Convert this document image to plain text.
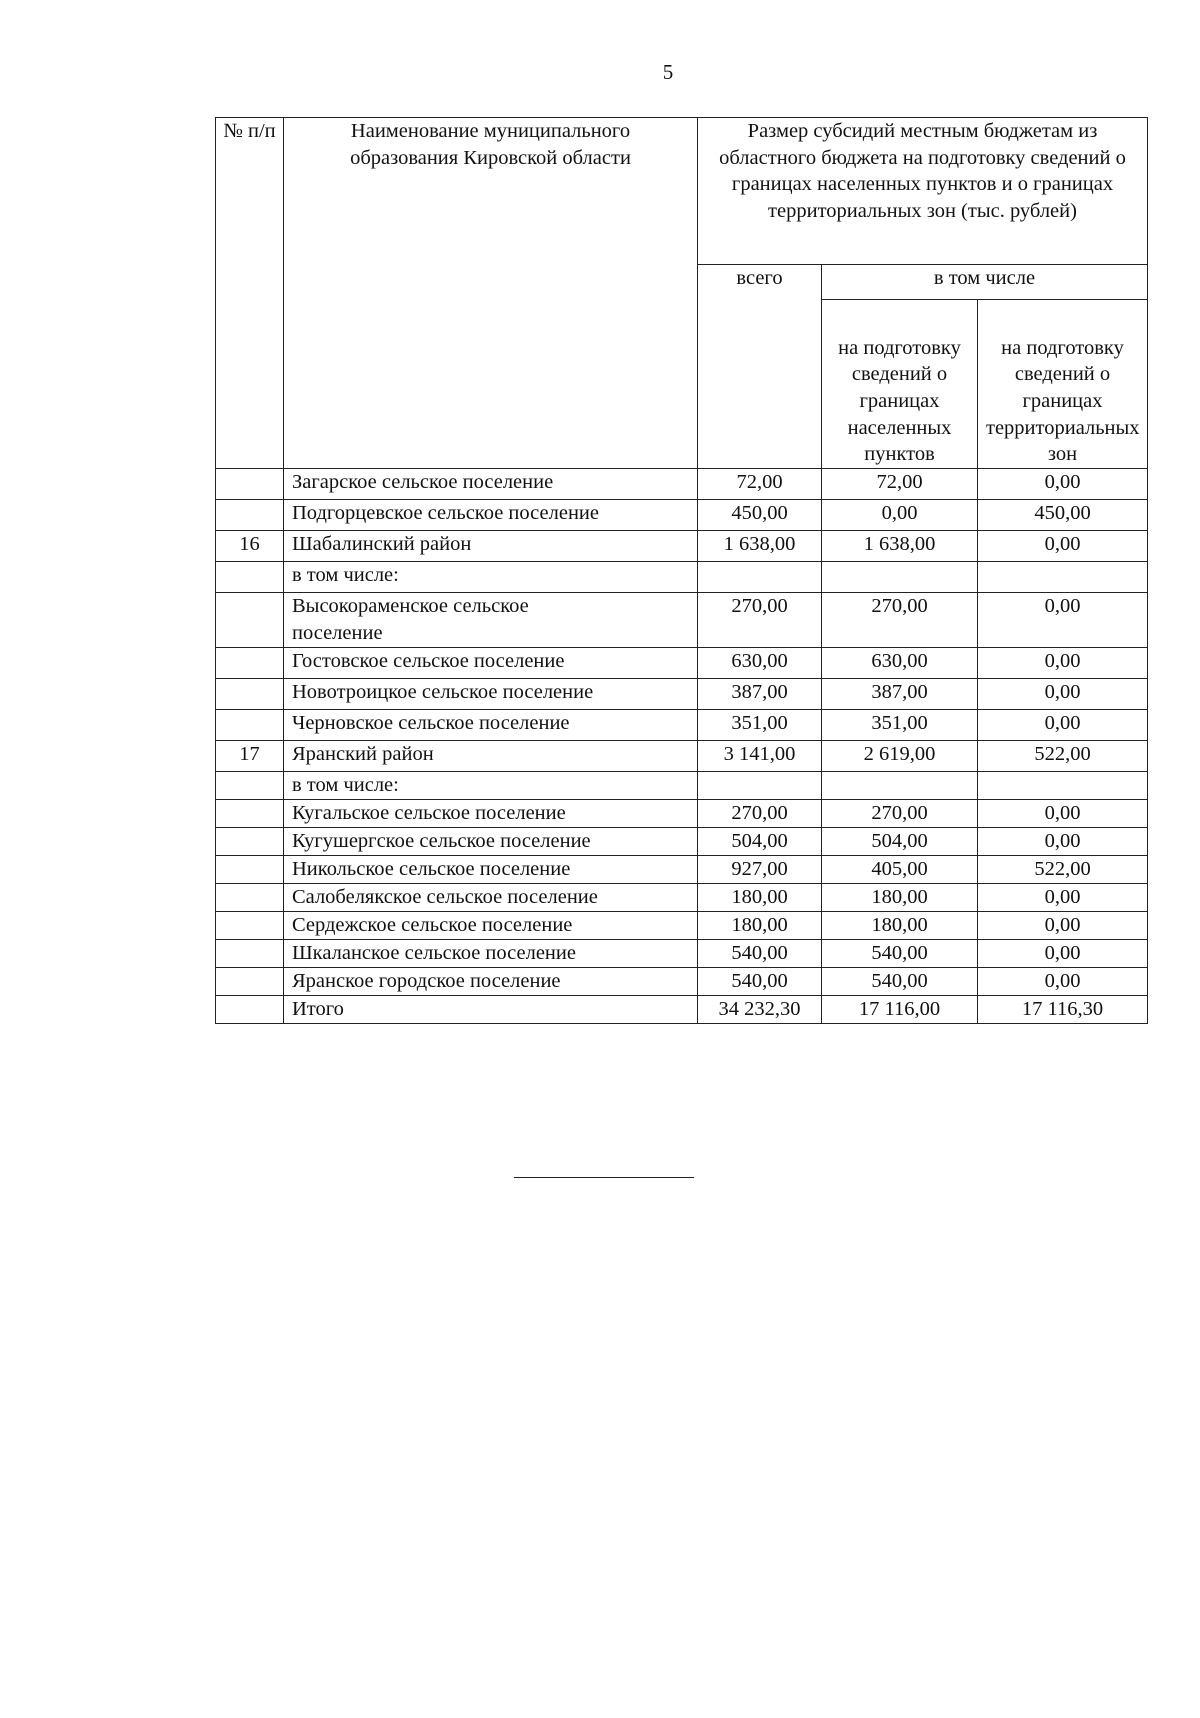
5
№ п/п	Наименование муниципального образования Кировской области	Размер субсидий местным бюджетам из областного бюджета на подготовку сведений о границах населенных пунктов и о границах территориальных зон (тыс. рублей)		
		всего	в том числе	
			на подготовку сведений о границах населенных пунктов	на подготовку сведений о границах территориальных зон
	Загарское сельское поселение	72,00	72,00	0,00
	Подгорцевское сельское поселение	450,00	0,00	450,00
16	Шабалинский район	1 638,00	1 638,00	0,00
	в том числе:			
	Высокораменское сельское поселение	270,00	270,00	0,00
	Гостовское сельское поселение	630,00	630,00	0,00
	Новотроицкое сельское поселение	387,00	387,00	0,00
	Черновское сельское поселение	351,00	351,00	0,00
17	Яранский район	3 141,00	2 619,00	522,00
	в том числе:			
	Кугальское сельское поселение	270,00	270,00	0,00
	Кугушергское сельское поселение	504,00	504,00	0,00
	Никольское сельское поселение	927,00	405,00	522,00
	Салобелякское сельское поселение	180,00	180,00	0,00
	Сердежское сельское поселение	180,00	180,00	0,00
	Шкаланское сельское поселение	540,00	540,00	0,00
	Яранское городское поселение	540,00	540,00	0,00
	Итого	34 232,30	17 116,00	17 116,30
